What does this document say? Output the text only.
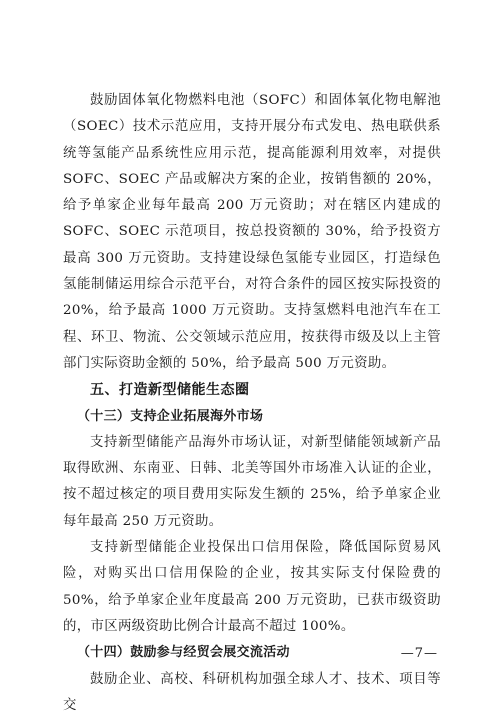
鼓励固体氧化物燃料电池（SOFC）和固体氧化物电解池（SOEC）技术示范应用，支持开展分布式发电、热电联供系统等氢能产品系统性应用示范，提高能源利用效率，对提供 SOFC、SOEC 产品或解决方案的企业，按销售额的 20%，给予单家企业每年最高 200 万元资助；对在辖区内建成的 SOFC、SOEC 示范项目，按总投资额的 30%，给予投资方最高 300 万元资助。支持建设绿色氢能专业园区，打造绿色氢能制储运用综合示范平台，对符合条件的园区按实际投资的 20%，给予最高 1000 万元资助。支持氢燃料电池汽车在工程、环卫、物流、公交领域示范应用，按获得市级及以上主管部门实际资助金额的 50%，给予最高 500 万元资助。

五、打造新型储能生态圈
（十三）支持企业拓展海外市场

支持新型储能产品海外市场认证，对新型储能领域新产品取得欧洲、东南亚、日韩、北美等国外市场准入认证的企业，按不超过核定的项目费用实际发生额的 25%，给予单家企业每年最高 250 万元资助。

支持新型储能企业投保出口信用保险，降低国际贸易风险，对购买出口信用保险的企业，按其实际支付保险费的 50%，给予单家企业年度最高 200 万元资助，已获市级资助的，市区两级资助比例合计最高不超过 100%。

（十四）鼓励参与经贸会展交流活动

鼓励企业、高校、科研机构加强全球人才、技术、项目等交

—7—
